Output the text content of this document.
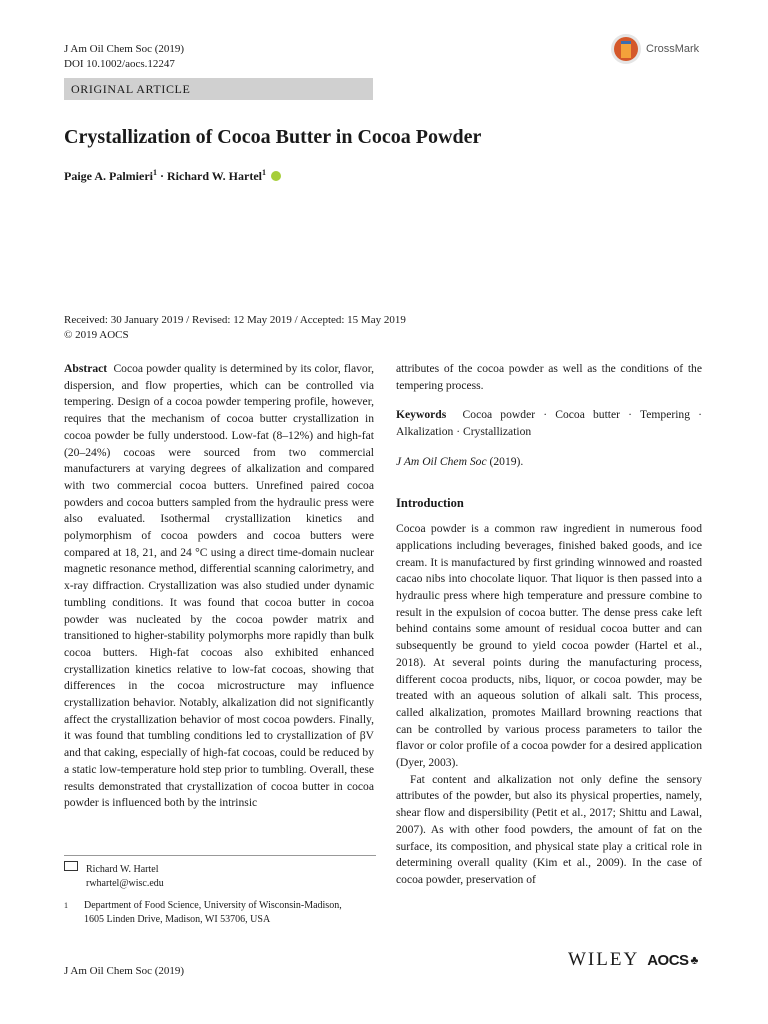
J Am Oil Chem Soc (2019)
DOI 10.1002/aocs.12247
CrossMark
ORIGINAL ARTICLE
Crystallization of Cocoa Butter in Cocoa Powder
Paige A. Palmieri$^1$ · Richard W. Hartel$^1$
Received: 30 January 2019 / Revised: 12 May 2019 / Accepted: 15 May 2019
© 2019 AOCS

Abstract Cocoa powder quality is determined by its color, flavor, dispersion, and flow properties, which can be controlled via tempering. Design of a cocoa powder tempering profile, however, requires that the mechanism of cocoa butter crystallization in cocoa powder be fully understood. Low-fat (8–12%) and high-fat (20–24%) cocoas were sourced from two commercial manufacturers at varying degrees of alkalization and compared with two commercial cocoa butters. Unrefined paired cocoa powders and cocoa butters sampled from the hydraulic press were also evaluated. Isothermal crystallization kinetics and polymorphism of cocoa powders and cocoa butters were compared at 18, 21, and 24 °C using a direct time-domain nuclear magnetic resonance method, differential scanning calorimetry, and x-ray diffraction. Crystallization was also studied under dynamic tumbling conditions. It was found that cocoa butter in cocoa powder was nucleated by the cocoa powder matrix and transitioned to higher-stability polymorphs more rapidly than bulk cocoa butters. High-fat cocoas also exhibited enhanced crystallization kinetics relative to low-fat cocoas, showing that differences in the cocoa microstructure may influence crystallization behavior. Notably, alkalization did not significantly affect the crystallization behavior of most cocoa powders. Finally, it was found that tumbling conditions led to crystallization of βV and that caking, especially of high-fat cocoas, could be reduced by a static low-temperature hold step prior to tumbling. Overall, these results demonstrated that crystallization of cocoa butter in cocoa powder is influenced both by the intrinsic

attributes of the cocoa powder as well as the conditions of the tempering process.

Keywords Cocoa powder · Cocoa butter · Tempering · Alkalization · Crystallization

J Am Oil Chem Soc (2019).

Introduction

Cocoa powder is a common raw ingredient in numerous food applications including beverages, finished baked goods, and ice cream. It is manufactured by first grinding winnowed and roasted cacao nibs into chocolate liquor. That liquor is then passed into a hydraulic press where high temperature and pressure combine to result in the expulsion of cocoa butter. The dense press cake left behind contains some amount of residual cocoa butter and can subsequently be ground to yield cocoa powder (Hartel et al., 2018). At several points during the manufacturing process, different cocoa products, nibs, liquor, or cocoa powder, may be treated with an aqueous solution of alkali salt. This process, called alkalization, promotes Maillard browning reactions that can be controlled by various process parameters to tailor the flavor or color profile of a cocoa powder for a desired application (Dyer, 2003).

Fat content and alkalization not only define the sensory attributes of the powder, but also its physical properties, namely, shear flow and dispersibility (Petit et al., 2017; Shittu and Lawal, 2007). As with other food powders, the amount of fat on the surface, its composition, and physical state play a critical role in determining overall quality (Kim et al., 2009). In the case of cocoa powder, preservation of

Richard W. Hartel
rwhartel@wisc.edu
1 Department of Food Science, University of Wisconsin-Madison,
1605 Linden Drive, Madison, WI 53706, USA
J Am Oil Chem Soc (2019)
WILEY AOCS ♣
